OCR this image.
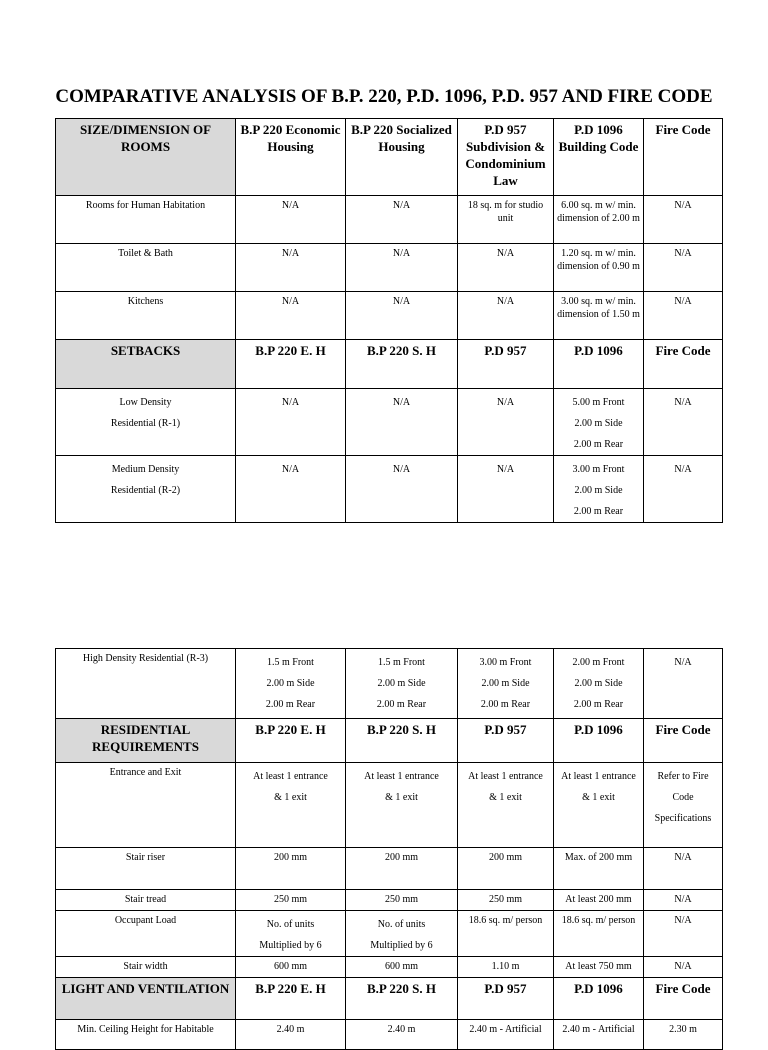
COMPARATIVE ANALYSIS OF B.P. 220, P.D. 1096, P.D. 957 AND FIRE CODE
SIZE/DIMENSION OF ROOMS	B.P 220 Economic Housing	B.P 220 Socialized Housing	P.D 957 Subdivision & Condominium Law	P.D 1096 Building Code	Fire Code
Rooms for Human Habitation	N/A	N/A	18 sq. m for studio unit	6.00 sq. m w/ min. dimension of 2.00 m	N/A
Toilet & Bath	N/A	N/A	N/A	1.20 sq. m w/ min. dimension of 0.90 m	N/A
Kitchens	N/A	N/A	N/A	3.00 sq. m w/ min. dimension of 1.50 m	N/A
SETBACKS	B.P 220 E. H	B.P 220 S. H	P.D 957	P.D 1096	Fire Code

Low Density
Residential (R-1)	N/A	N/A	N/A	5.00 m Front
2.00 m Side
2.00 m Rear	N/A

Medium Density
Residential (R-2)	N/A	N/A	N/A	3.00 m Front
2.00 m Side
2.00 m Rear	N/A
High Density Residential (R-3)	1.5 m Front
2.00 m Side
2.00 m Rear	1.5 m Front
2.00 m Side
2.00 m Rear	3.00 m Front
2.00 m Side
2.00 m Rear	2.00 m Front
2.00 m Side
2.00 m Rear	N/A

RESIDENTIAL REQUIREMENTS	B.P 220 E. H	B.P 220 S. H	P.D 957	P.D 1096	Fire Code
Entrance and Exit	At least 1 entrance
& 1 exit	At least 1 entrance
& 1 exit	At least 1 entrance
& 1 exit	At least 1 entrance
& 1 exit	Refer to Fire
Code
Specifications

Stair riser	200 mm	200 mm	200 mm	Max. of 200 mm	N/A
Stair tread	250 mm	250 mm	250 mm	At least 200 mm	N/A
Occupant Load	No. of units
Multiplied by 6	No. of units
Multiplied by 6	18.6 sq. m/ person	18.6 sq. m/ person	N/A
Stair width	600 mm	600 mm	1.10 m	At least 750 mm	N/A
LIGHT AND VENTILATION	B.P 220 E. H	B.P 220 S. H	P.D 957	P.D 1096	Fire Code
Min. Ceiling Height for Habitable	2.40 m	2.40 m	2.40 m - Artificial	2.40 m - Artificial	2.30 m
